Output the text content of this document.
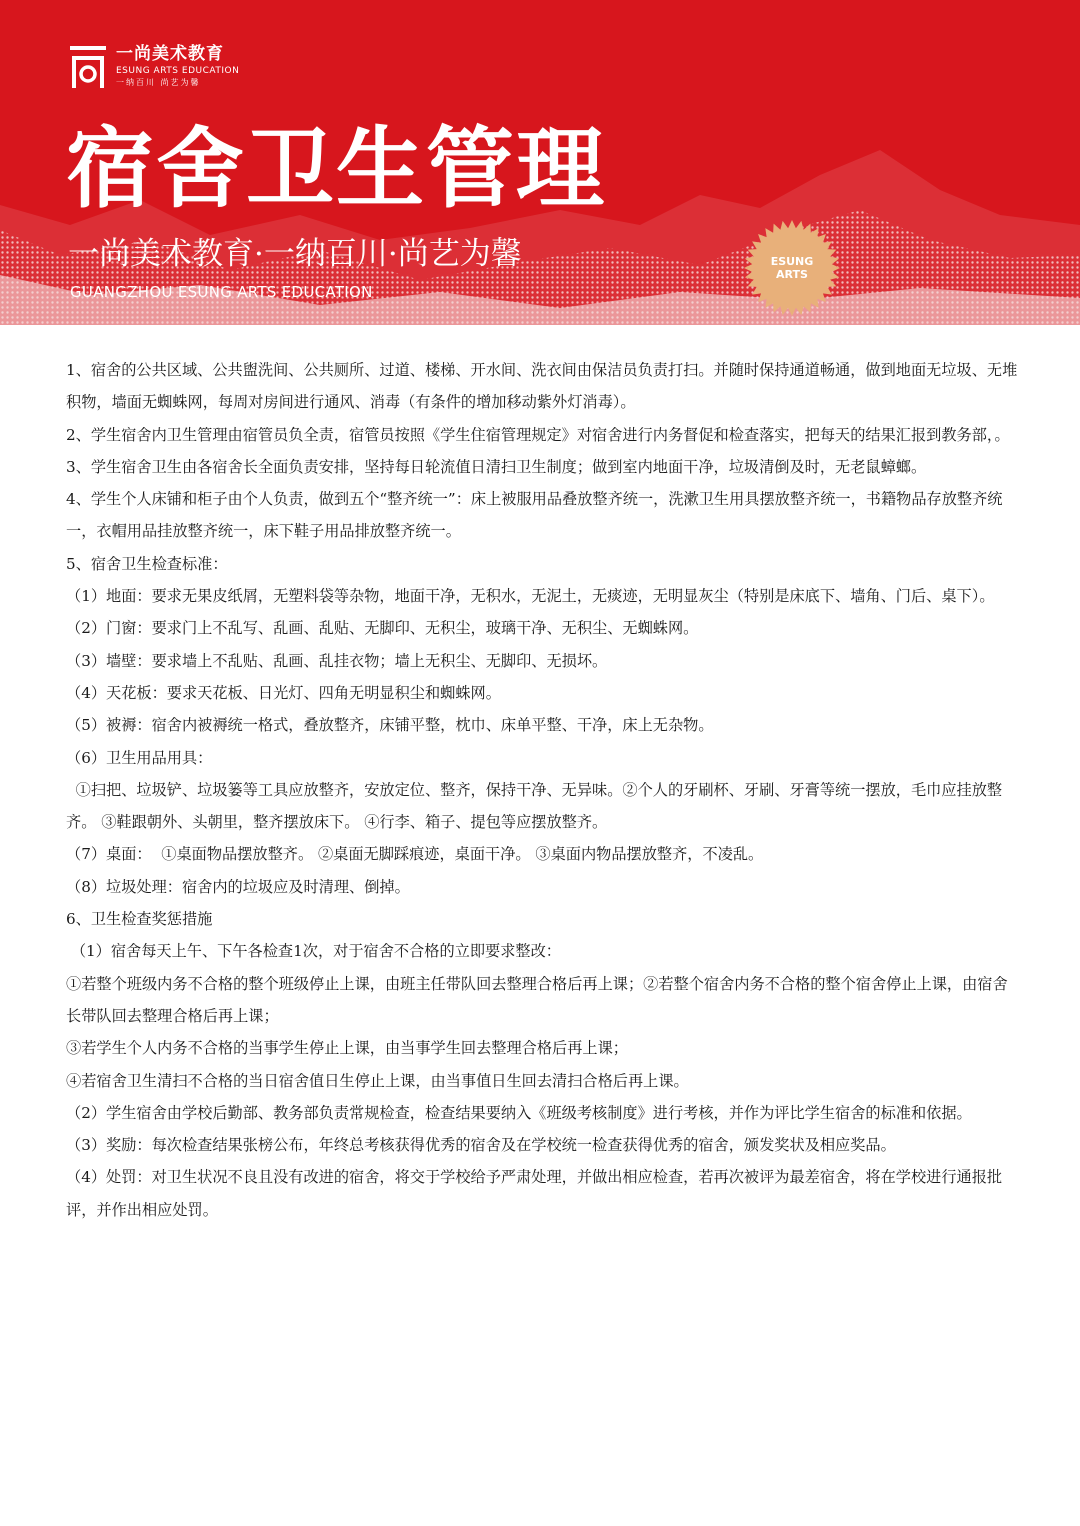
一尚美术教育
ESUNG ARTS EDUCATION
一纳百川 尚艺为馨
宿舍卫生管理
一尚美术教育·一纳百川·尚艺为馨
GUANGZHOU ESUNG ARTS EDUCATION
ESUNG
ARTS

1、宿舍的公共区域、公共盥洗间、公共厕所、过道、楼梯、开水间、洗衣间由保洁员负责打扫。并随时保持通道畅通，做到地面无垃圾、无堆积物，墙面无蜘蛛网，每周对房间进行通风、消毒（有条件的增加移动紫外灯消毒）。

2、学生宿舍内卫生管理由宿管员负全责，宿管员按照《学生住宿管理规定》对宿舍进行内务督促和检查落实，把每天的结果汇报到教务部，。

3、学生宿舍卫生由各宿舍长全面负责安排，坚持每日轮流值日清扫卫生制度；做到室内地面干净，垃圾清倒及时，无老鼠蟑螂。

4、学生个人床铺和柜子由个人负责，做到五个“整齐统一”：床上被服用品叠放整齐统一，洗漱卫生用具摆放整齐统一，书籍物品存放整齐统一，衣帽用品挂放整齐统一，床下鞋子用品排放整齐统一。

5、宿舍卫生检查标准：

（1）地面：要求无果皮纸屑，无塑料袋等杂物，地面干净，无积水，无泥土，无痰迹，无明显灰尘（特别是床底下、墙角、门后、桌下）。

（2）门窗：要求门上不乱写、乱画、乱贴、无脚印、无积尘，玻璃干净、无积尘、无蜘蛛网。

（3）墙壁：要求墙上不乱贴、乱画、乱挂衣物；墙上无积尘、无脚印、无损坏。

（4）天花板：要求天花板、日光灯、四角无明显积尘和蜘蛛网。

（5）被褥：宿舍内被褥统一格式，叠放整齐，床铺平整，枕巾、床单平整、干净，床上无杂物。

（6）卫生用品用具：

①扫把、垃圾铲、垃圾篓等工具应放整齐，安放定位、整齐，保持干净、无异味。②个人的牙刷杯、牙刷、牙膏等统一摆放，毛巾应挂放整齐。 ③鞋跟朝外、头朝里，整齐摆放床下。 ④行李、箱子、提包等应摆放整齐。

（7）桌面：  ①桌面物品摆放整齐。 ②桌面无脚踩痕迹，桌面干净。 ③桌面内物品摆放整齐，不凌乱。

（8）垃圾处理：宿舍内的垃圾应及时清理、倒掉。

6、卫生检查奖惩措施

（1）宿舍每天上午、下午各检查1次，对于宿舍不合格的立即要求整改：

①若整个班级内务不合格的整个班级停止上课，由班主任带队回去整理合格后再上课；②若整个宿舍内务不合格的整个宿舍停止上课，由宿舍长带队回去整理合格后再上课；

③若学生个人内务不合格的当事学生停止上课，由当事学生回去整理合格后再上课；

④若宿舍卫生清扫不合格的当日宿舍值日生停止上课，由当事值日生回去清扫合格后再上课。

（2）学生宿舍由学校后勤部、教务部负责常规检查，检查结果要纳入《班级考核制度》进行考核，并作为评比学生宿舍的标准和依据。

（3）奖励：每次检查结果张榜公布，年终总考核获得优秀的宿舍及在学校统一检查获得优秀的宿舍，颁发奖状及相应奖品。

（4）处罚：对卫生状况不良且没有改进的宿舍，将交于学校给予严肃处理，并做出相应检查，若再次被评为最差宿舍，将在学校进行通报批评，并作出相应处罚。
